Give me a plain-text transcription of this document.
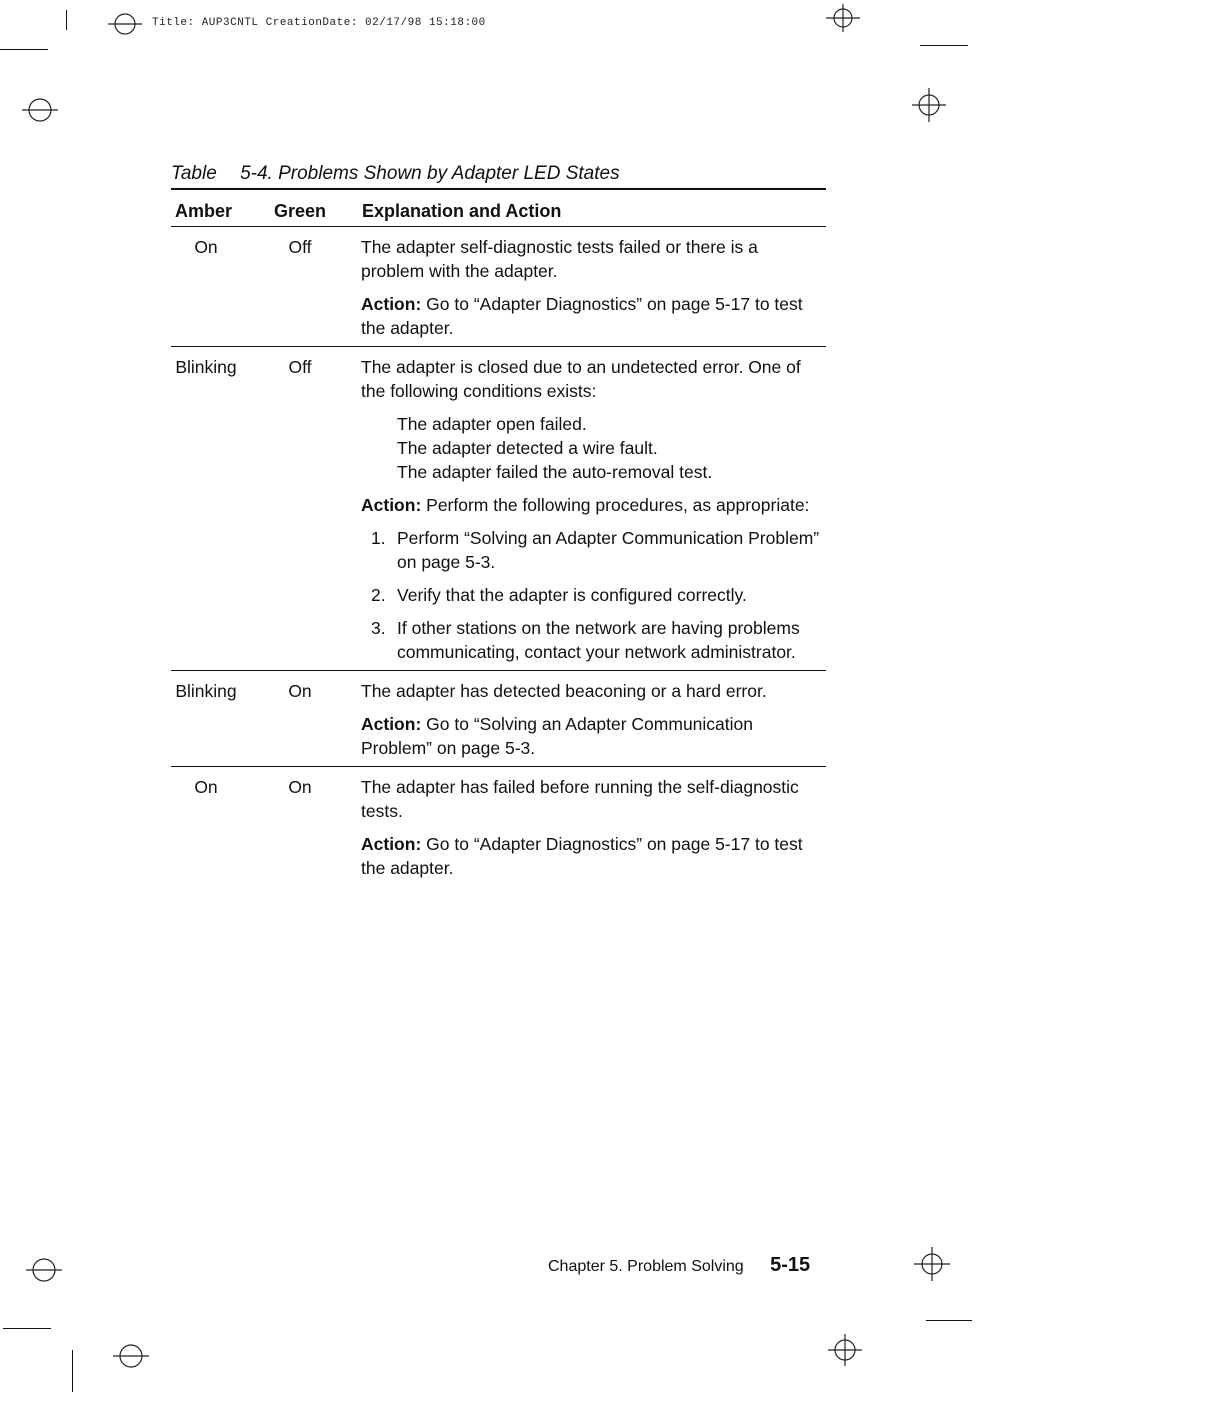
Title: AUP3CNTL CreationDate: 02/17/98 15:18:00
Table 5-4. Problems Shown by Adapter LED States
Amber Green Explanation and Action
On	Off	The adapter self-diagnostic tests failed or there is a problem with the adapter.

Action: Go to “Adapter Diagnostics” on page 5-17 to test the adapter.

Blinking	Off	The adapter is closed due to an undetected error. One of the following conditions exists:

The adapter open failed.
The adapter detected a wire fault.
The adapter failed the auto-removal test.

Action: Perform the following procedures, as appropriate:

1. Perform “Solving an Adapter Communication Problem” on page 5-3.
2. Verify that the adapter is configured correctly.
3. If other stations on the network are having problems communicating, contact your network administrator.
Blinking	On	The adapter has detected beaconing or a hard error.

Action: Go to “Solving an Adapter Communication Problem” on page 5-3.

On	On	The adapter has failed before running the self-diagnostic tests.

Action: Go to “Adapter Diagnostics” on page 5-17 to test the adapter.

Chapter 5. Problem Solving 5-15
